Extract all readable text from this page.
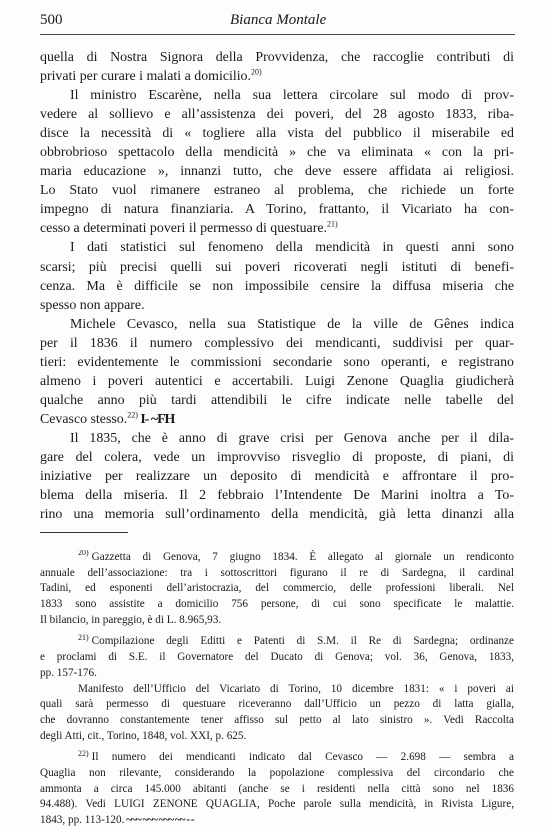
500	Bianca Montale
quella di Nostra Signora della Provvidenza, che raccoglie contributi di
privati per curare i malati a domicilio.$^{20)}$
Il ministro Escarène, nella sua lettera circolare sul modo di prov-
vedere al sollievo e all’assistenza dei poveri, del 28 agosto 1833, riba-
disce la necessità di « togliere alla vista del pubblico il miserabile ed
obbrobrioso spettacolo della mendicità » che va eliminata « con la pri-
maria educazione », innanzi tutto, che deve essere affidata ai religiosi.
Lo Stato vuol rimanere estraneo al problema, che richiede un forte
impegno di natura finanziaria. A Torino, frattanto, il Vicariato ha con-
cesso a determinati poveri il permesso di questuare.$^{21)}$
I dati statistici sul fenomeno della mendicità in questi anni sono
scarsi; più precisi quelli sui poveri ricoverati negli istituti di benefi-
cenza. Ma è difficile se non impossibile censire la diffusa miseria che
spesso non appare.
Michele Cevasco, nella sua Statistique de la ville de Gênes indica
per il 1836 il numero complessivo dei mendicanti, suddivisi per quar-
tieri: evidentemente le commissioni secondarie sono operanti, e registrano
almeno i poveri autentici e accertabili. Luigi Zenone Quaglia giudicherà
qualche anno più tardi attendibili le cifre indicate nelle tabelle del
Cevasco stesso.$^{22)}$ I- ~FH
Il 1835, che è anno di grave crisi per Genova anche per il dila-
gare del colera, vede un improvviso risveglio di proposte, di piani, di
iniziative per realizzare un deposito di mendicità e affrontare il pro-
blema della miseria. Il 2 febbraio l’Intendente De Marini inoltra a To-
rino una memoria sull’ordinamento della mendicità, già letta dinanzi alla
$^{20)}$ Gazzetta di Genova, 7 giugno 1834. È allegato al giornale un rendiconto
annuale dell’associazione: tra i sottoscrittori figurano il re di Sardegna, il cardinal
Tadini, ed esponenti dell’aristocrazia, del commercio, delle professioni liberali. Nel
1833 sono assistite a domicilio 756 persone, di cui sono specificate le malattie.
Il bilancio, in pareggio, è di L. 8.965,93.
$^{21)}$ Compilazione degli Editti e Patenti di S.M. il Re di Sardegna; ordinanze
e proclami di S.E. il Governatore del Ducato di Genova; vol. 36, Genova, 1833,
pp. 157-176.
Manifesto dell’Ufficio del Vicariato di Torino, 10 dicembre 1831: « i poveri ai
quali sarà permesso di questuare riceveranno dall’Ufficio un pezzo di latta gialla,
che dovranno constantemente tener affisso sul petto al lato sinistro ». Vedi Raccolta
degli Atti, cit., Torino, 1848, vol. XXI, p. 625.
$^{22)}$ Il numero dei mendicanti indicato dal Cevasco — 2.698 — sembra a
Quaglia non rilevante, considerando la popolazione complessiva del circondario che
ammonta a circa 145.000 abitanti (anche se i residenti nella città sono nel 1836
94.488). Vedi LUIGI ZENONE QUAGLIA, Poche parole sulla mendicità, in Rivista Ligure,
1843, pp. 113-120. ~~~ ~~~ ~~~ ~~ - -
